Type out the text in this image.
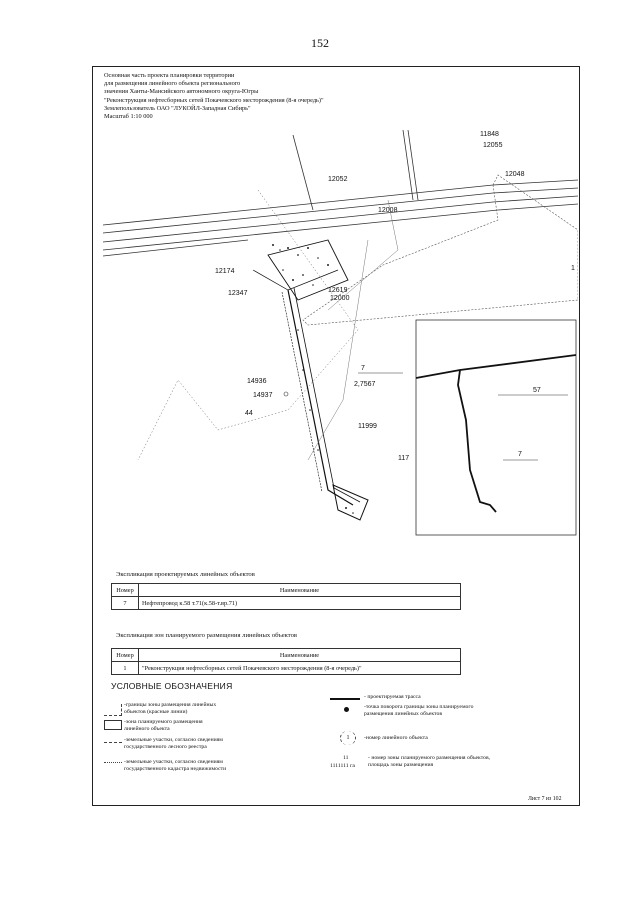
152
Основная часть проекта планировки территории
для размещения линейного объекта регионального
значения Ханты-Мансийского автономного округа-Югры
"Реконструкция нефтесборных сетей Покачевского месторождения (8-я очередь)"
Землепользователь ОАО "ЛУКОЙЛ-Западная Сибирь"
Масштаб 1:10 000
11848
12055
12052
12048
12008
12174
12347	12619
12000
14936
14937
44
11999
117
1
7
2,7567
57
7
Экспликация проектируемых линейных объектов
Номер	Наименование
7	Нефтепровод к.58 т.71(к.58-т.вр.71)
Экспликация зон планируемого размещения линейных объектов
Номер	Наименование
1	"Реконструкция нефтесборных сетей Покачевского месторождения (8-я очередь)"
УСЛОВНЫЕ ОБОЗНАЧЕНИЯ
-границы зоны размещения линейных объектов (красные линии)
-зона планируемого размещения линейного объекта
-земельные участки, согласно сведениям государственного лесного реестра
-земельные участки, согласно сведениям государственного кадастра недвижимости
- проектируемая трасса
-точка поворота границы зоны планируемого размещения линейных объектов
1	-номер линейного объекта
11
1111111 га
- номер зоны планируемого размещения объектов, площадь зоны размещения
Лист 7 из 102
